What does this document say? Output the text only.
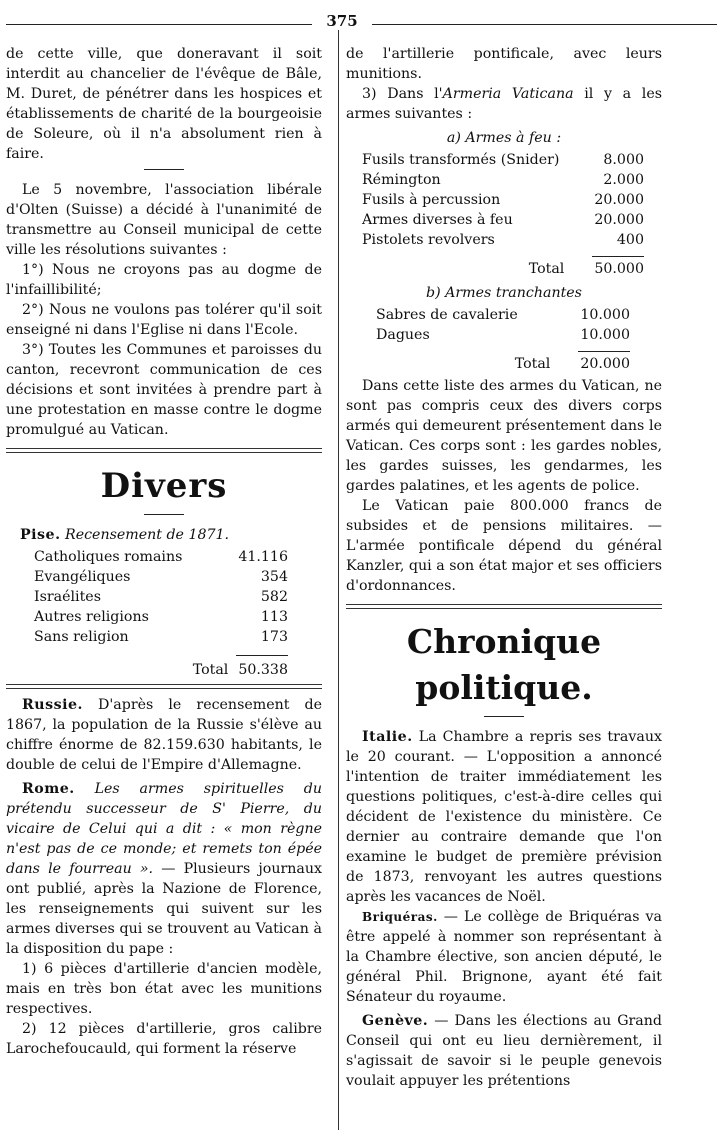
375

de cette ville, que doneravant il soit interdit au chancelier de l'évêque de Bâle, M. Duret, de pénétrer dans les hospices et établissements de charité de la bourgeoisie de Soleure, où il n'a absolument rien à faire.

Le 5 novembre, l'association libérale d'Olten (Suisse) a décidé à l'unanimité de transmettre au Conseil municipal de cette ville les résolutions suivantes :

1°) Nous ne croyons pas au dogme de l'infaillibilité;

2°) Nous ne voulons pas tolérer qu'il soit enseigné ni dans l'Eglise ni dans l'Ecole.

3°) Toutes les Communes et paroisses du canton, recevront communication de ces décisions et sont invitées à prendre part à une protestation en masse contre le dogme promulgué au Vatican.

Divers

Pise. Recensement de 1871.

Catholiques romains	41.116
Evangéliques	354
Israélites	582
Autres religions	113
Sans religion	173
Total 50.338

Russie. D'après le recensement de 1867, la population de la Russie s'élève au chiffre énorme de 82.159.630 habitants, le double de celui de l'Empire d'Allemagne.

Rome. Les armes spirituelles du prétendu successeur de S' Pierre, du vicaire de Celui qui a dit : « mon règne n'est pas de ce monde; et remets ton épée dans le fourreau ». — Plusieurs journaux ont publié, après la Nazione de Florence, les renseignements qui suivent sur les armes diverses qui se trouvent au Vatican à la disposition du pape :

1) 6 pièces d'artillerie d'ancien modèle, mais en très bon état avec les munitions respectives.

2) 12 pièces d'artillerie, gros calibre Larochefoucauld, qui forment la réserve

de l'artillerie pontificale, avec leurs munitions.

3) Dans l'Armeria Vaticana il y a les armes suivantes :

a) Armes à feu :

Fusils transformés (Snider)	8.000
Rémington	2.000
Fusils à percussion	20.000
Armes diverses à feu	20.000
Pistolets revolvers	400
Total 50.000

b) Armes tranchantes

Sabres de cavalerie	10.000
Dagues	10.000
Total 20.000

Dans cette liste des armes du Vatican, ne sont pas compris ceux des divers corps armés qui demeurent présentement dans le Vatican. Ces corps sont : les gardes nobles, les gardes suisses, les gendarmes, les gardes palatines, et les agents de police.

Le Vatican paie 800.000 francs de subsides et de pensions militaires. — L'armée pontificale dépend du général Kanzler, qui a son état major et ses officiers d'ordonnances.

Chronique politique.

Italie. La Chambre a repris ses travaux le 20 courant. — L'opposition a annoncé l'intention de traiter immédiatement les questions politiques, c'est-à-dire celles qui décident de l'existence du ministère. Ce dernier au contraire demande que l'on examine le budget de première prévision de 1873, renvoyant les autres questions après les vacances de Noël.

Briquéras. — Le collège de Briquéras va être appelé à nommer son représentant à la Chambre élective, son ancien député, le général Phil. Brignone, ayant été fait Sénateur du royaume.

Genève. — Dans les élections au Grand Conseil qui ont eu lieu dernièrement, il s'agissait de savoir si le peuple genevois voulait appuyer les prétentions
